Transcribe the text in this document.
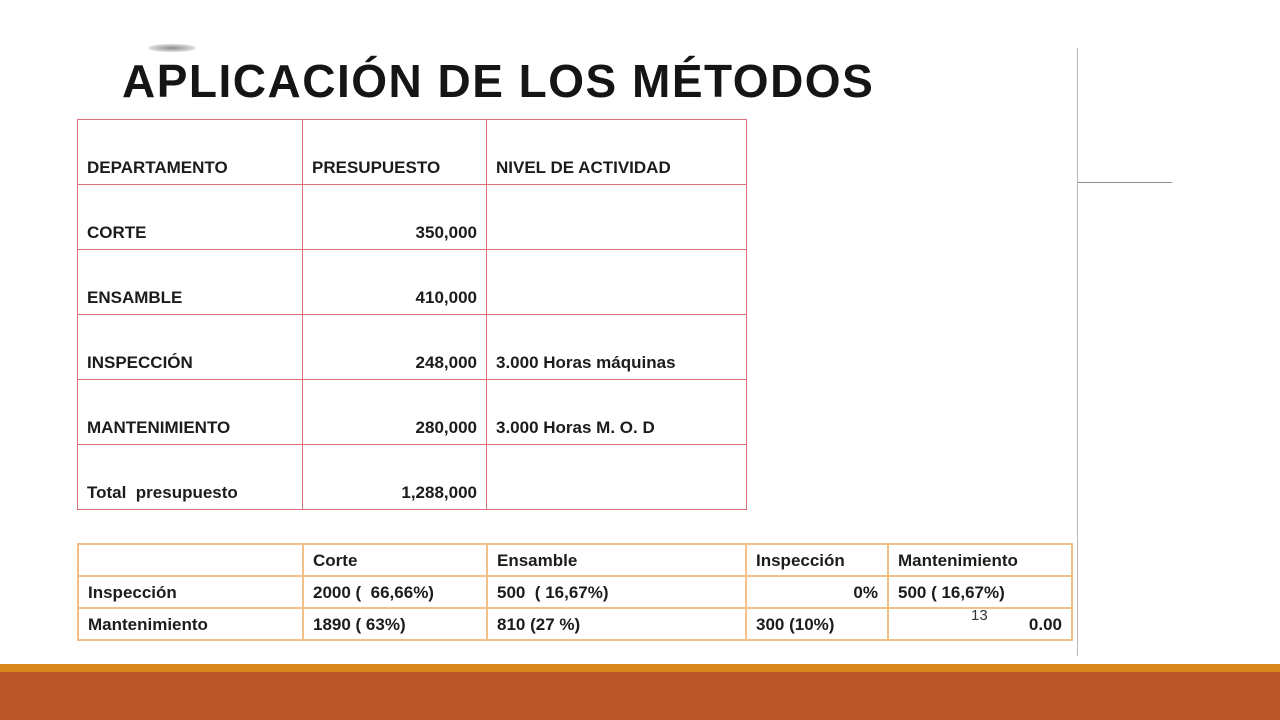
APLICACIÓN DE LOS MÉTODOS
DEPARTAMENTO	PRESUPUESTO	NIVEL DE ACTIVIDAD
CORTE	350,000	
ENSAMBLE	410,000	
INSPECCIÓN	248,000	3.000 Horas máquinas
MANTENIMIENTO	280,000	3.000 Horas M. O. D
Total  presupuesto	1,288,000	
	Corte	Ensamble	Inspección	Mantenimiento
Inspección	2000 (  66,66%)	500  ( 16,67%)	0%	500 ( 16,67%)
Mantenimiento	1890 ( 63%)	810 (27 %)	300 (10%)	13 0.00
